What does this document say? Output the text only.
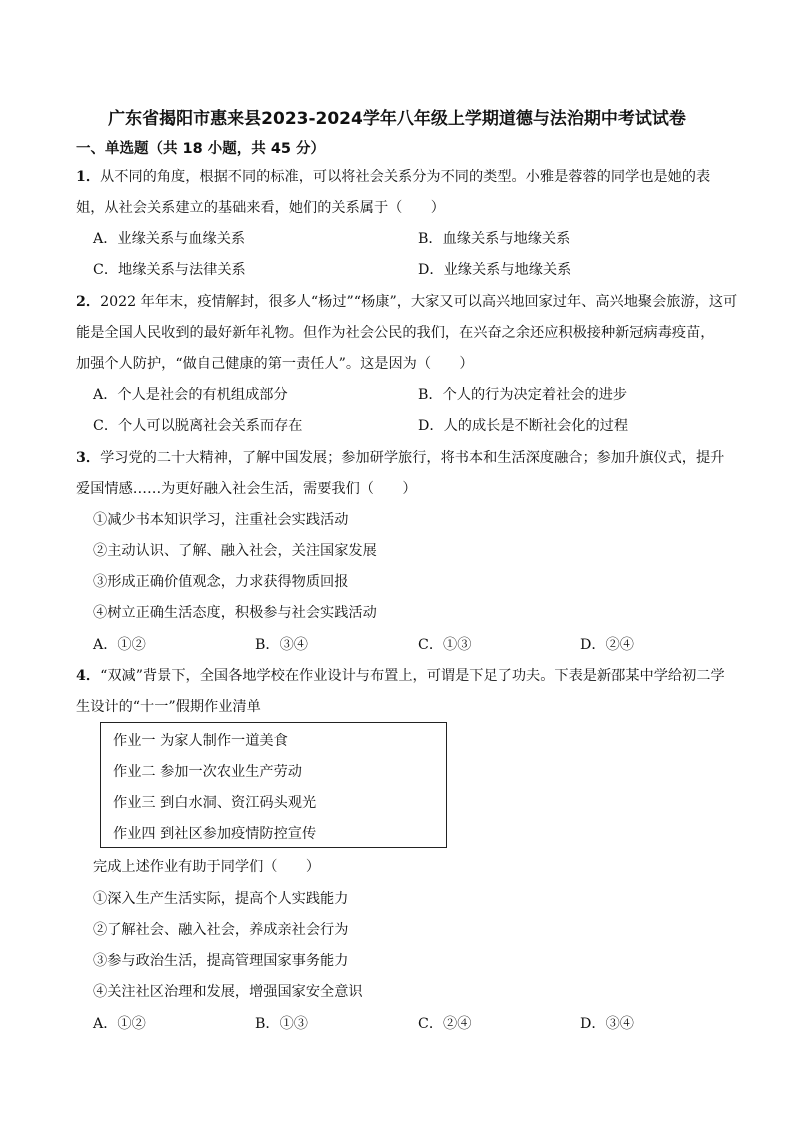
广东省揭阳市惠来县2023-2024学年八年级上学期道德与法治期中考试试卷
一、单选题（共 18 小题，共 45 分）
1．从不同的角度，根据不同的标准，可以将社会关系分为不同的类型。小雅是蓉蓉的同学也是她的表
姐，从社会关系建立的基础来看，她们的关系属于（　　）
A．业缘关系与血缘关系	B．血缘关系与地缘关系
C．地缘关系与法律关系	D．业缘关系与地缘关系
2．2022 年年末，疫情解封，很多人“杨过”“杨康”，大家又可以高兴地回家过年、高兴地聚会旅游，这可
能是全国人民收到的最好新年礼物。但作为社会公民的我们，在兴奋之余还应积极接种新冠病毒疫苗，
加强个人防护，“做自己健康的第一责任人”。这是因为（　　）
A．个人是社会的有机组成部分	B．个人的行为决定着社会的进步
C．个人可以脱离社会关系而存在	D．人的成长是不断社会化的过程
3．学习党的二十大精神，了解中国发展；参加研学旅行，将书本和生活深度融合；参加升旗仪式，提升
爱国情感……为更好融入社会生活，需要我们（　　）
①减少书本知识学习，注重社会实践活动
②主动认识、了解、融入社会，关注国家发展
③形成正确价值观念，力求获得物质回报
④树立正确生活态度，积极参与社会实践活动
A．①②	B．③④	C．①③	D．②④
4．“双减”背景下，全国各地学校在作业设计与布置上，可谓是下足了功夫。下表是新邵某中学给初二学
生设计的“十一”假期作业清单
作业一 为家人制作一道美食
作业二 参加一次农业生产劳动
作业三 到白水洞、资江码头观光
作业四 到社区参加疫情防控宣传
完成上述作业有助于同学们（　　）
①深入生产生活实际，提高个人实践能力
②了解社会、融入社会，养成亲社会行为
③参与政治生活，提高管理国家事务能力
④关注社区治理和发展，增强国家安全意识
A．①②	B．①③	C．②④	D．③④
